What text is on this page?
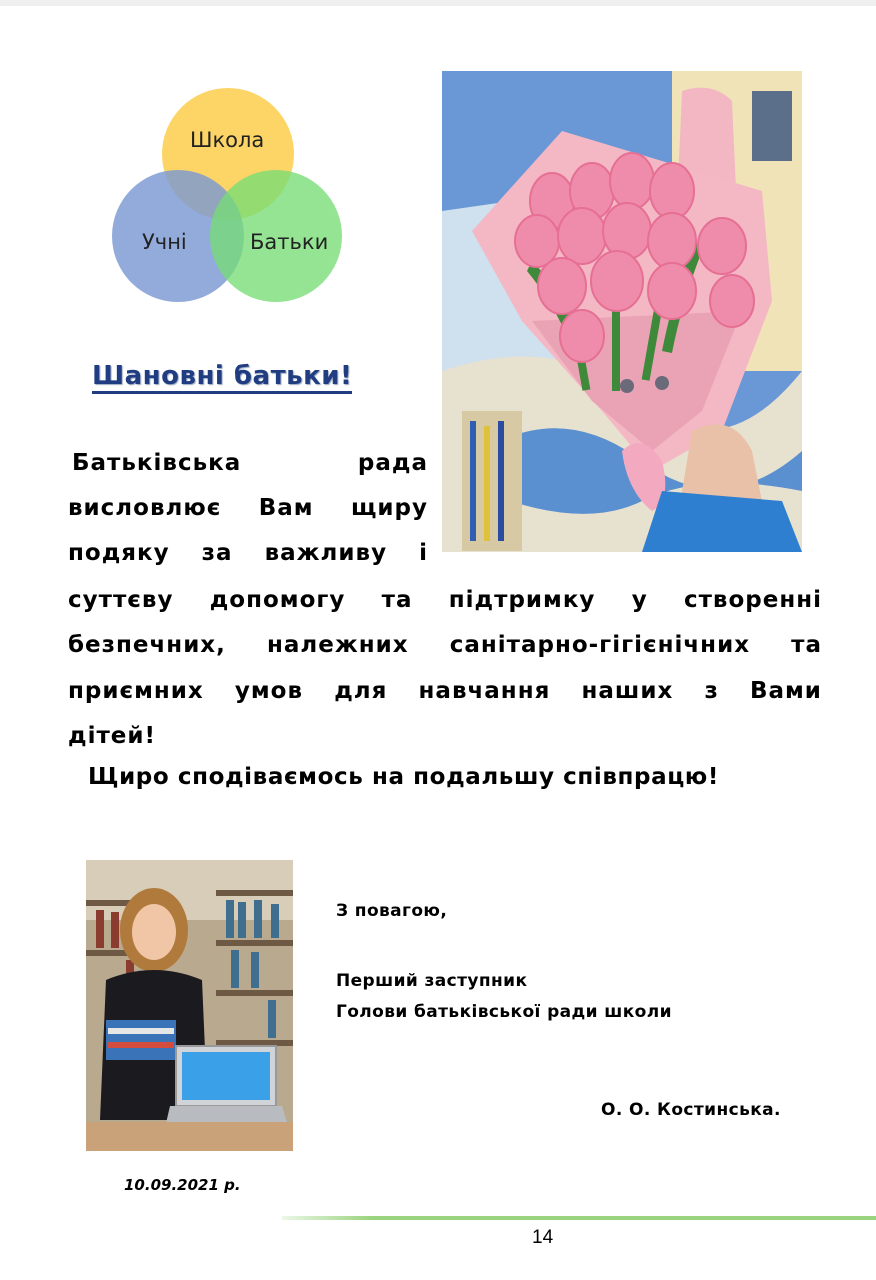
Школа
Учні	Батьки
Шановні батьки!
Батьківська	рада
висловлює Вам щиру
подяку за важливу і
суттєву допомогу та підтримку у створенні
безпечних, належних санітарно-гігієнічних та
приємних умов для навчання наших з Вами
дітей!
Щиро сподіваємось на подальшу співпрацю!
З повагою,
Перший заступник
Голови батьківської ради школи
О. О. Костинська.
10.09.2021 р.
14
